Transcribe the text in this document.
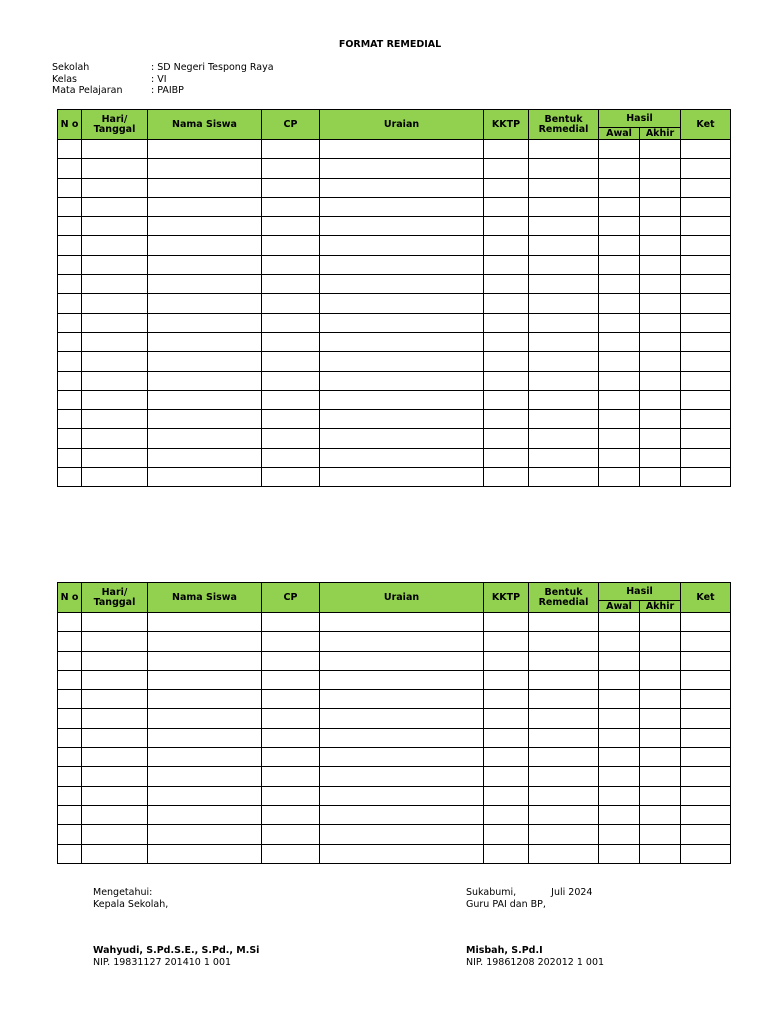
FORMAT REMEDIAL
Sekolah	: SD Negeri Tespong Raya
Kelas	: VI
Mata Pelajaran	: PAIBP
N o	Hari/ Tanggal	Nama Siswa	CP	Uraian	KKTP	Bentuk Remedial	Hasil		Ket
							Awal	Akhir	

N o	Hari/ Tanggal	Nama Siswa	CP	Uraian	KKTP	Bentuk Remedial	Hasil		Ket
							Awal	Akhir	

Mengetahui:
Kepala Sekolah,
Wahyudi, S.Pd.S.E., S.Pd., M.Si
NIP. 19831127 201410 1 001
Sukabumi,	Juli 2024
Guru PAI dan BP,
Misbah, S.Pd.I
NIP. 19861208 202012 1 001
